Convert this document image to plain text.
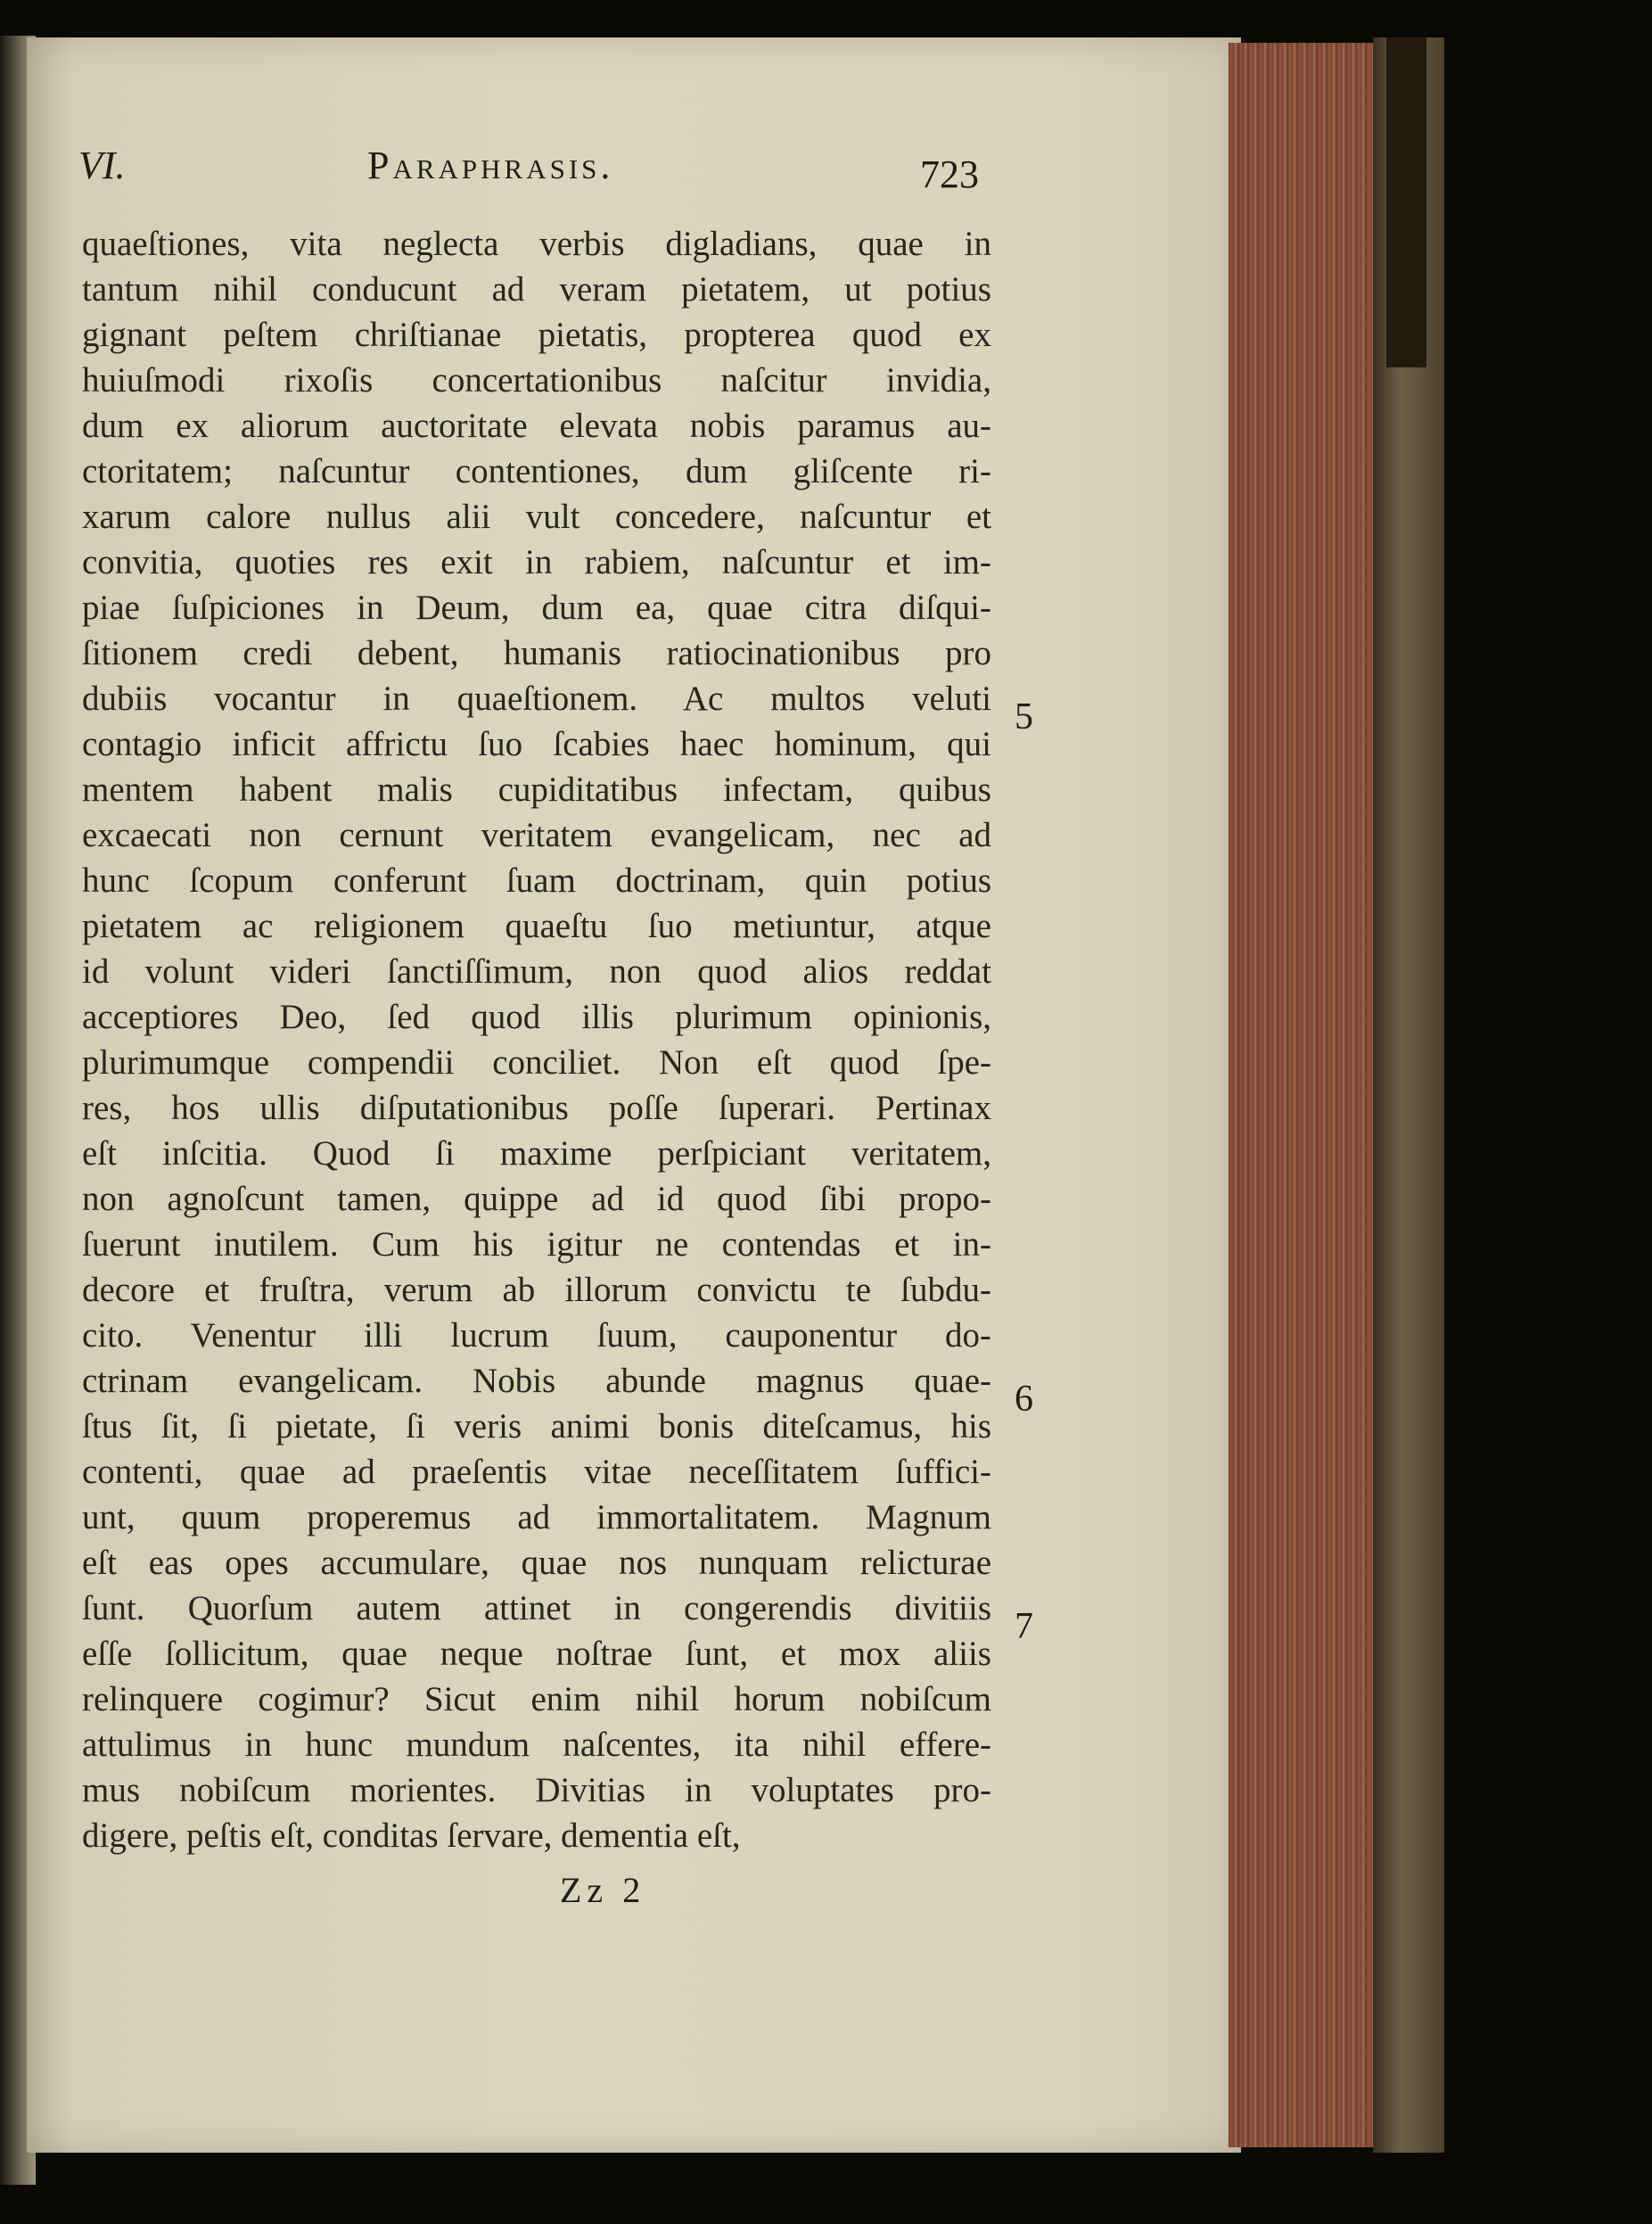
VI.	Paraphrasis.	723
quaeſtiones, vita neglecta verbis digladians, quae in
tantum nihil conducunt ad veram pietatem, ut potius
gignant peſtem chriſtianae pietatis, propterea quod ex
huiuſmodi rixoſis concertationibus naſcitur invidia,
dum ex aliorum auctoritate elevata nobis paramus au-
ctoritatem; naſcuntur contentiones, dum gliſcente ri-
xarum calore nullus alii vult concedere, naſcuntur et
convitia, quoties res exit in rabiem, naſcuntur et im-
piae ſuſpiciones in Deum, dum ea, quae citra diſqui-
ſitionem credi debent, humanis ratiocinationibus pro
dubiis vocantur in quaeſtionem. Ac multos veluti
contagio inficit affrictu ſuo ſcabies haec hominum, qui
mentem habent malis cupiditatibus infectam, quibus
excaecati non cernunt veritatem evangelicam, nec ad
hunc ſcopum conferunt ſuam doctrinam, quin potius
pietatem ac religionem quaeſtu ſuo metiuntur, atque
id volunt videri ſanctiſſimum, non quod alios reddat
acceptiores Deo, ſed quod illis plurimum opinionis,
plurimumque compendii conciliet. Non eſt quod ſpe-
res, hos ullis diſputationibus poſſe ſuperari. Pertinax
eſt inſcitia. Quod ſi maxime perſpiciant veritatem,
non agnoſcunt tamen, quippe ad id quod ſibi propo-
ſuerunt inutilem. Cum his igitur ne contendas et in-
decore et fruſtra, verum ab illorum convictu te ſubdu-
cito. Venentur illi lucrum ſuum, cauponentur do-
ctrinam evangelicam. Nobis abunde magnus quae-
ſtus ſit, ſi pietate, ſi veris animi bonis diteſcamus, his
contenti, quae ad praeſentis vitae neceſſitatem ſuffici-
unt, quum properemus ad immortalitatem. Magnum
eſt eas opes accumulare, quae nos nunquam relicturae
ſunt. Quorſum autem attinet in congerendis divitiis
eſſe ſollicitum, quae neque noſtrae ſunt, et mox aliis
relinquere cogimur? Sicut enim nihil horum nobiſcum
attulimus in hunc mundum naſcentes, ita nihil effere-
mus nobiſcum morientes. Divitias in voluptates pro-
digere, peſtis eſt, conditas ſervare, dementia eſt,
5
6
7
Zz 2
